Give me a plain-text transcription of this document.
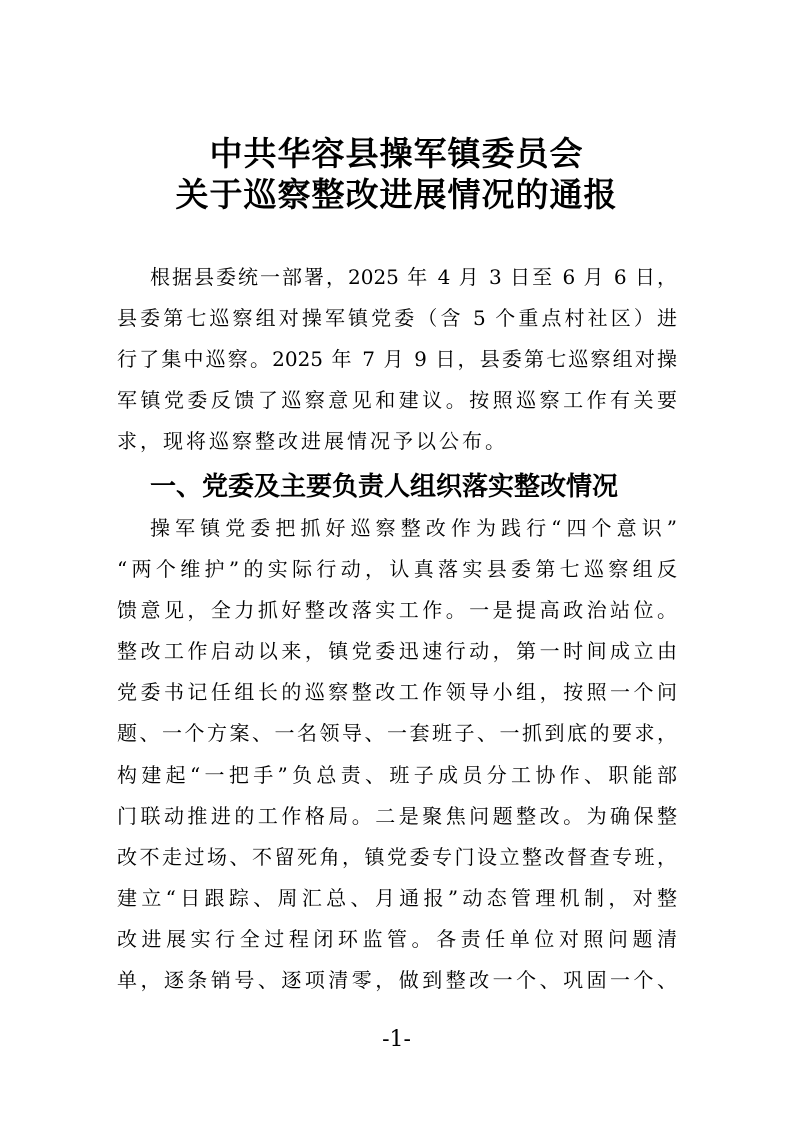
中共华容县操军镇委员会
关于巡察整改进展情况的通报
根据县委统一部署，2025 年 4 月 3 日至 6 月 6 日，
县委第七巡察组对操军镇党委（含 5 个重点村社区）进
行了集中巡察。2025 年 7 月 9 日，县委第七巡察组对操
军镇党委反馈了巡察意见和建议。按照巡察工作有关要
求，现将巡察整改进展情况予以公布。
一、党委及主要负责人组织落实整改情况
操军镇党委把抓好巡察整改作为践行“四个意识”
“两个维护”的实际行动，认真落实县委第七巡察组反
馈意见，全力抓好整改落实工作。一是提高政治站位。
整改工作启动以来，镇党委迅速行动，第一时间成立由
党委书记任组长的巡察整改工作领导小组，按照一个问
题、一个方案、一名领导、一套班子、一抓到底的要求，
构建起“一把手”负总责、班子成员分工协作、职能部
门联动推进的工作格局。二是聚焦问题整改。为确保整
改不走过场、不留死角，镇党委专门设立整改督查专班，
建立“日跟踪、周汇总、月通报”动态管理机制，对整
改进展实行全过程闭环监管。各责任单位对照问题清
单，逐条销号、逐项清零，做到整改一个、巩固一个、
-1-
